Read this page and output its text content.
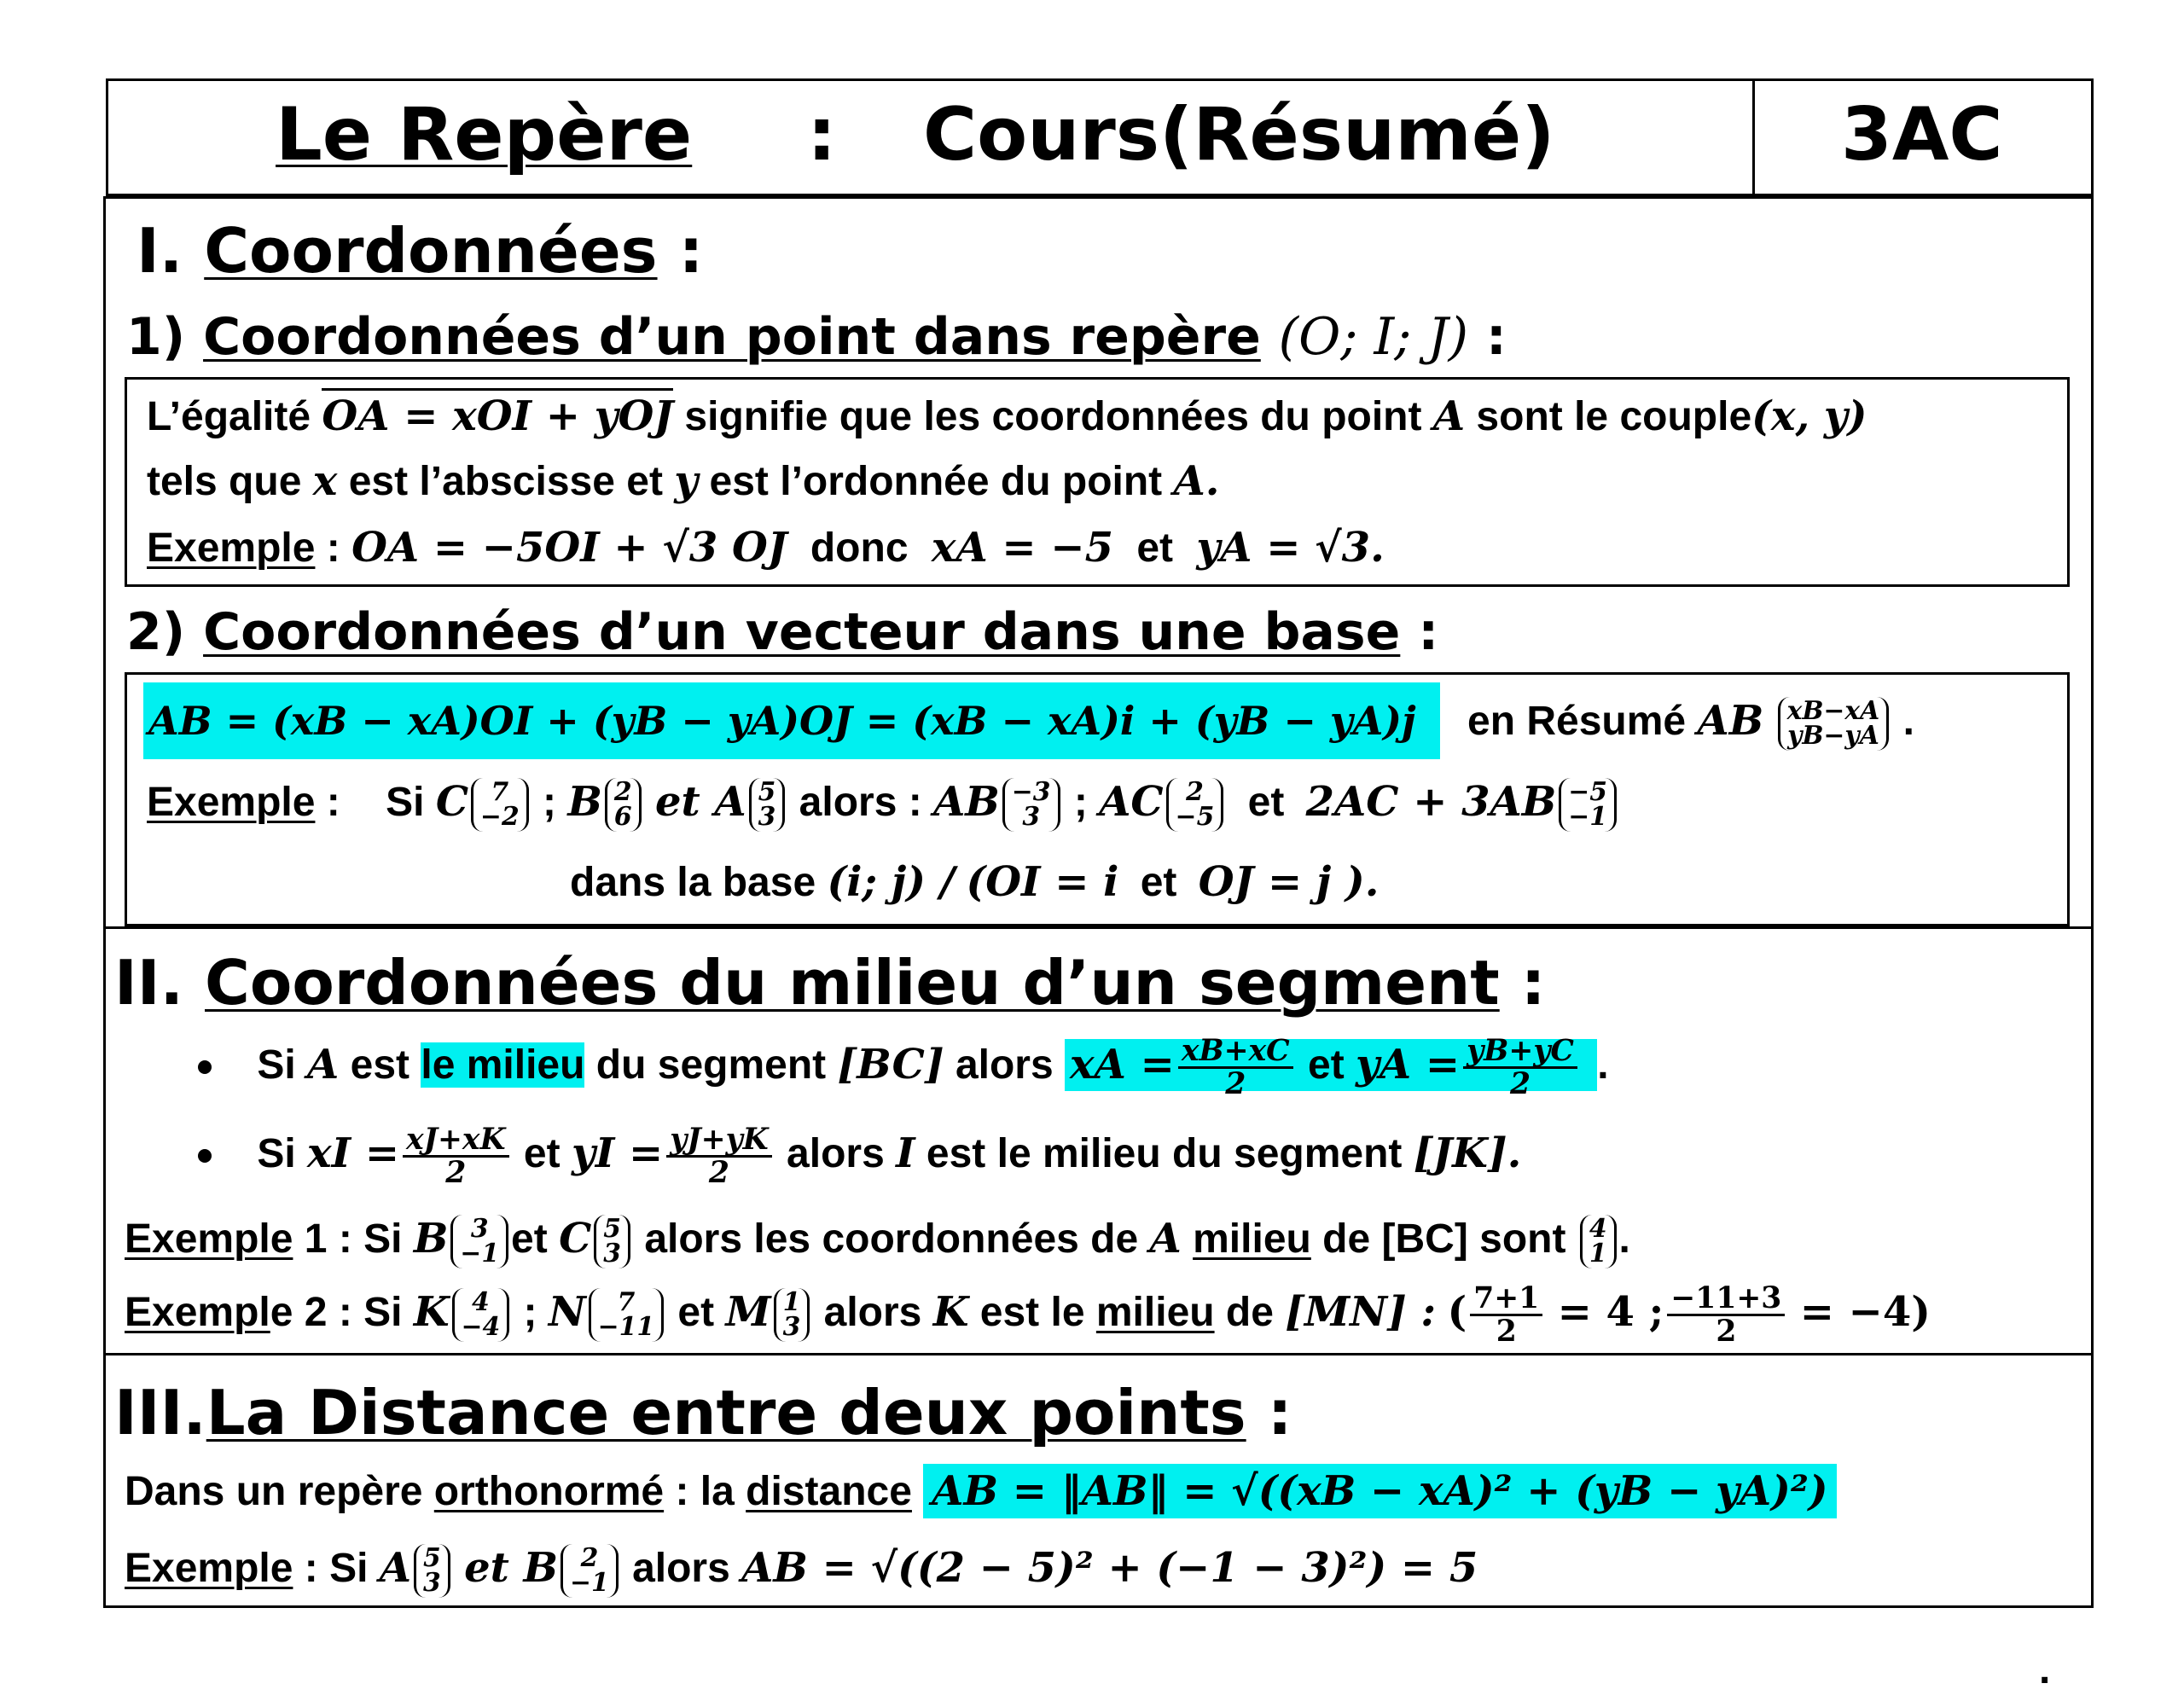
Le Repère : Cours(Résumé)	3AC
I. Coordonnées :
1) Coordonnées d’un point dans repère (O; I; J) :
L’égalité OA = xOI + yOJ signifie que les coordonnées du point A sont le couple(x, y)
tels que x est l’abscisse et y est l’ordonnée du point A.
Exemple : OA = −5OI + √3 OJ donc xA = −5 et yA = √3.
2) Coordonnées d’un vecteur dans une base :
AB = (xB − xA)OI + (yB − yA)OJ = (xB − xA)i + (yB − yA)j	en Résumé AB xB−xA
yB−yA .
Exemple : Si C 7
−2 ; B 2
6 et A 5
3 alors : AB −3
3 ; AC 2
−5 et 2AC + 3AB −5
−1
dans la base (i; j) / (OI = i et OJ = j ).
II. Coordonnées du milieu d’un segment :
Si A est le milieu du segment [BC] alors xA = $\frac{xB+xC}{2}$ et yA = $\frac{yB+yC}{2}$ .
Si xI = $\frac{xJ+xK}{2}$ et yI = $\frac{yJ+yK}{2}$ alors I est le milieu du segment [JK].
Exemple 1 : Si B 3
−1 et C 5
3 alors les coordonnées de A milieu de [BC] sont 4
1 .
Exemple 2 : Si K 4
−4 ; N	7
−11 et M 1
3 alors K est le milieu de [MN] : ( $\frac{7+1}{2} = 4$ ; $\frac{-11+3}{2} = -4$)
III.La Distance entre deux points :
Dans un repère orthonormé : la distance AB = ‖AB‖ = √((xB − xA)² + (yB − yA)²)
Exemple : Si A 5
3 et B 2
−1 alors AB = √((2 − 5)² + (−1 − 3)²) = 5
.
